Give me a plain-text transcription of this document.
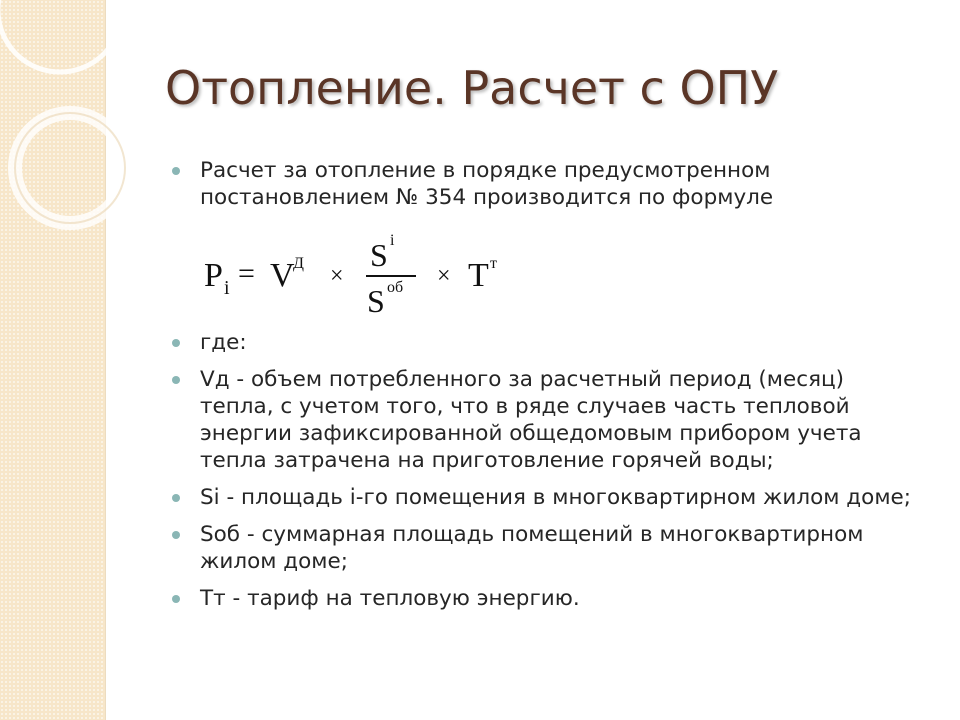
Отопление. Расчет с ОПУ
Расчет за отопление в порядке предусмотренном постановлением № 354 производится по формуле
P i = V
Д ×
S i
S об × T т
где:
Vд - объем потребленного за расчетный период (месяц) тепла, с учетом того, что в ряде случаев часть тепловой энергии зафиксированной общедомовым прибором учета тепла затрачена на приготовление горячей воды;
Si - площадь i-го помещения в многоквартирном жилом доме;
Sоб - суммарная площадь помещений в многоквартирном жилом доме;
Тт - тариф на тепловую энергию.
